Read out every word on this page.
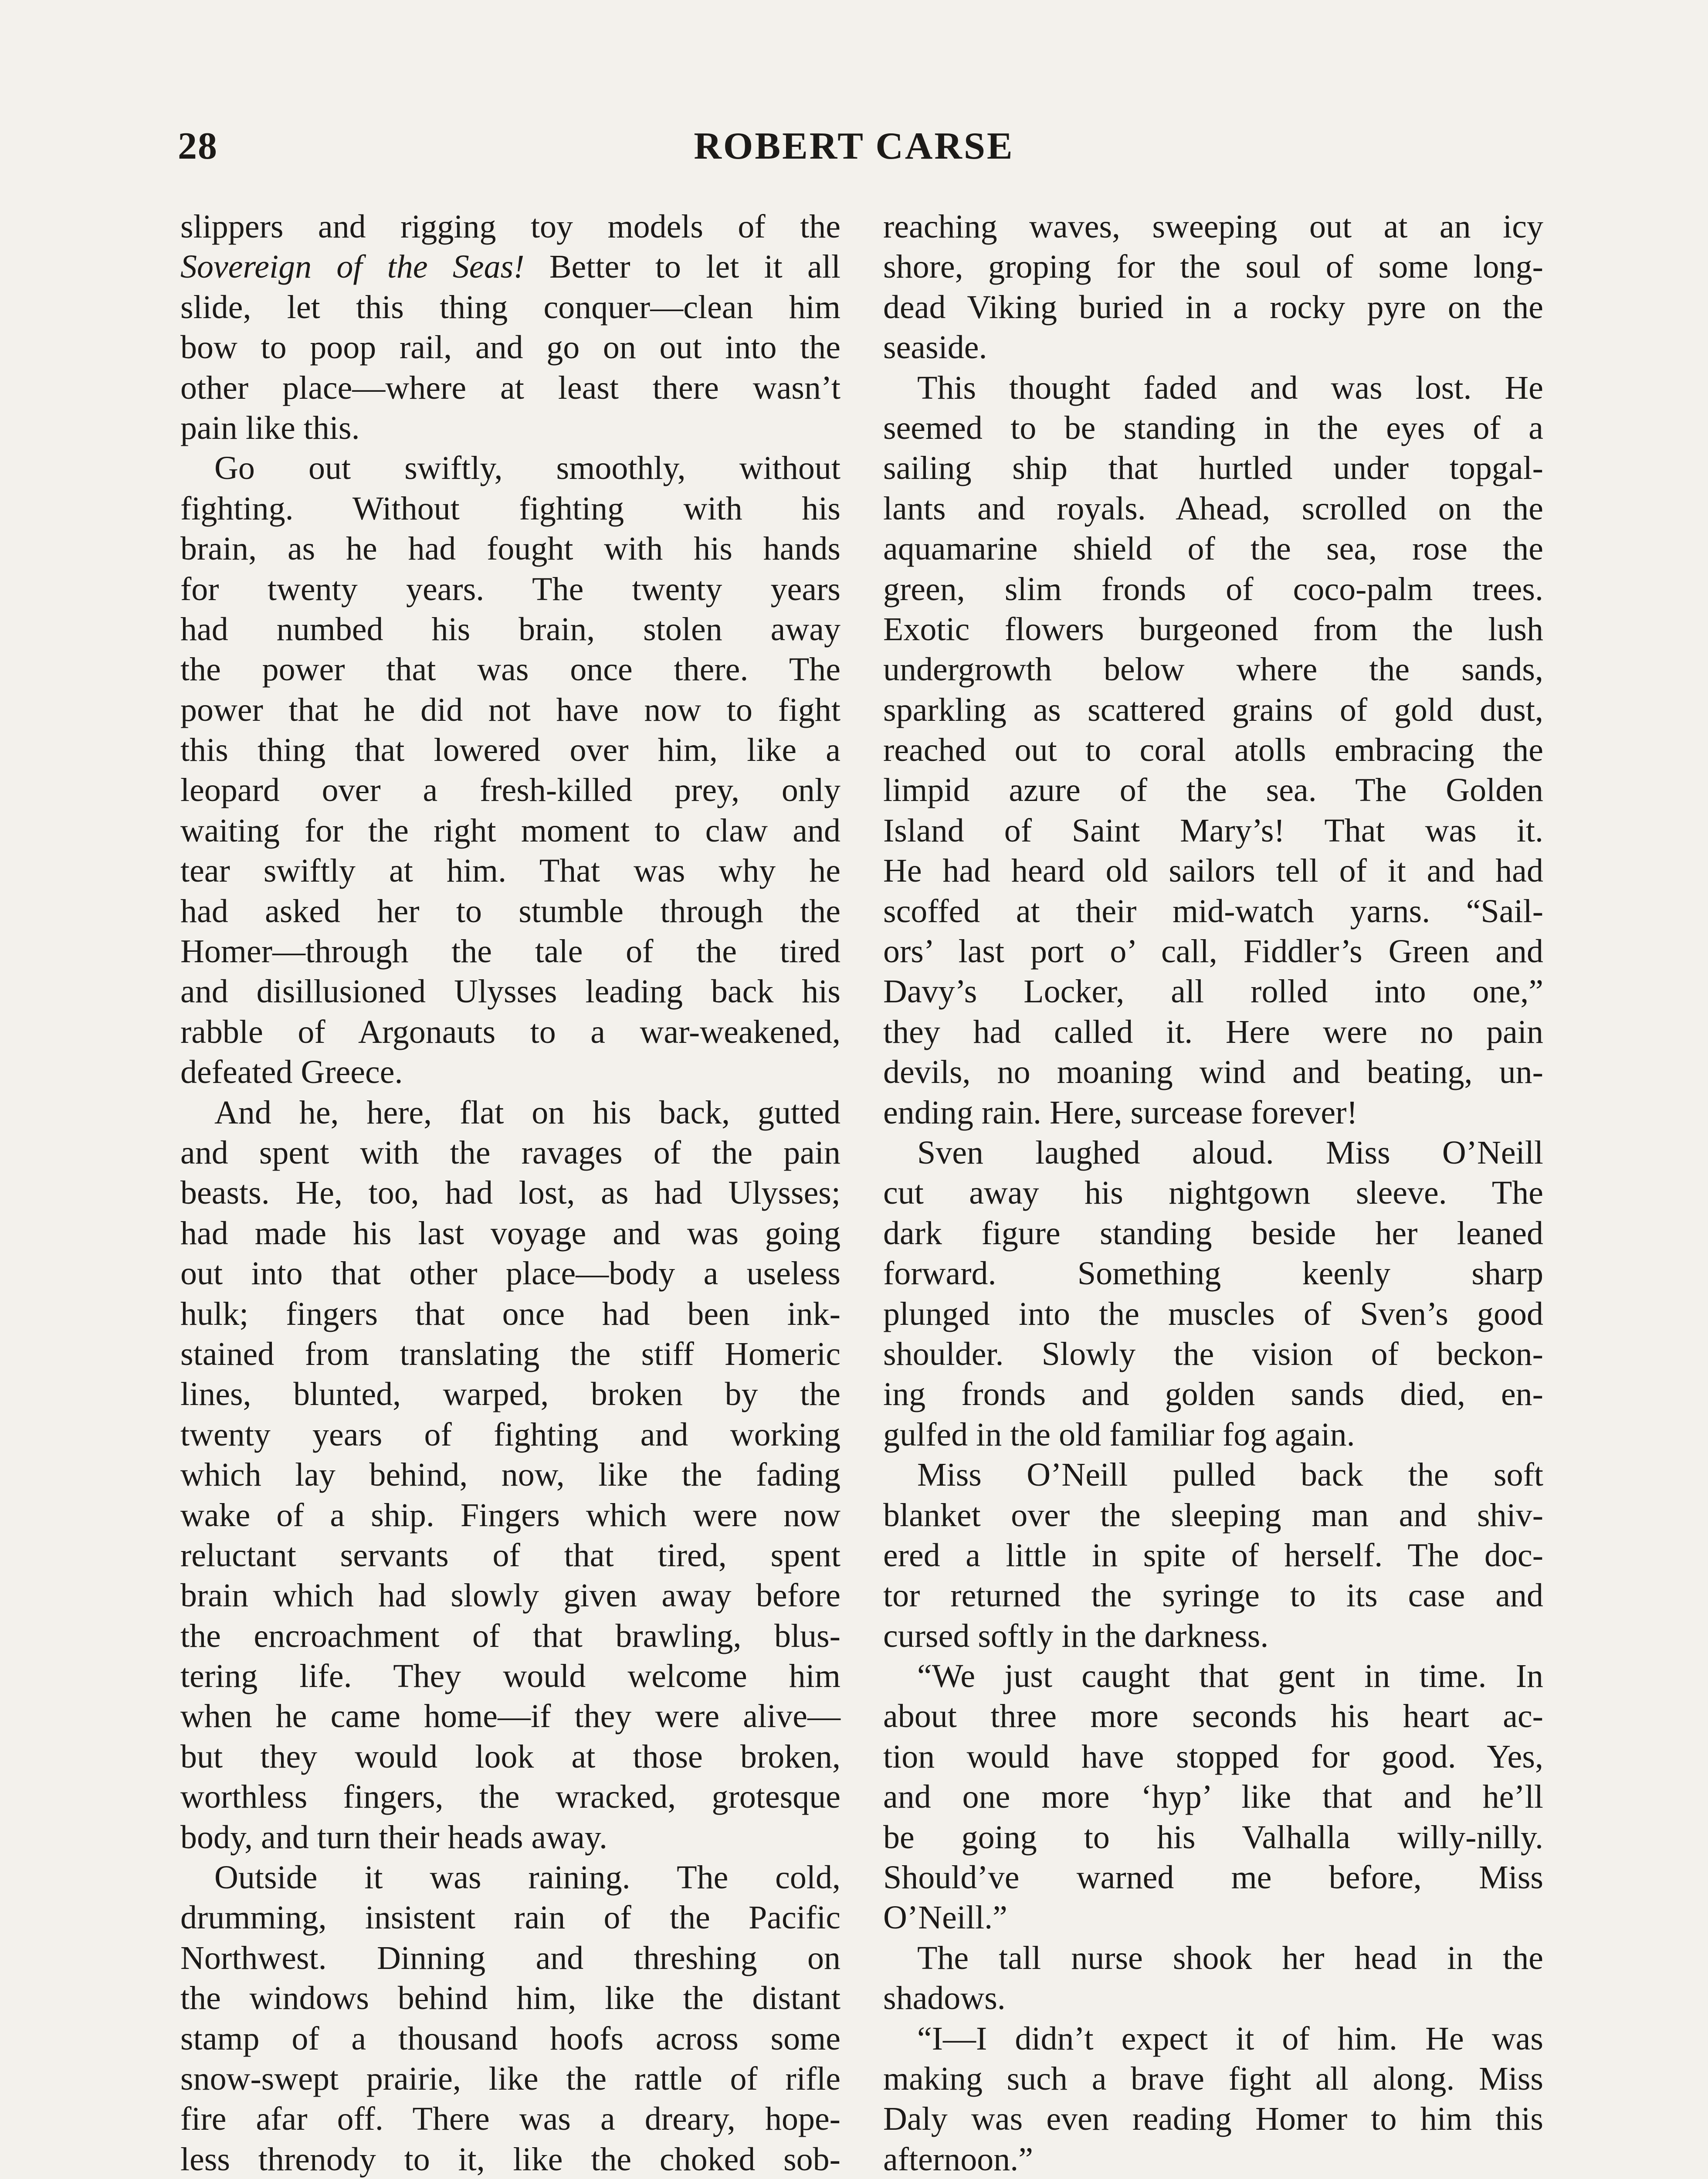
28	ROBERT CARSE
slippers and rigging toy models of the
Sovereign of the Seas! Better to let it all
slide, let this thing conquer—clean him
bow to poop rail, and go on out into the
other place—where at least there wasn’t
pain like this.
Go out swiftly, smoothly, without
fighting. Without fighting with his
brain, as he had fought with his hands
for twenty years. The twenty years
had numbed his brain, stolen away
the power that was once there. The
power that he did not have now to fight
this thing that lowered over him, like a
leopard over a fresh-killed prey, only
waiting for the right moment to claw and
tear swiftly at him. That was why he
had asked her to stumble through the
Homer—through the tale of the tired
and disillusioned Ulysses leading back his
rabble of Argonauts to a war-weakened,
defeated Greece.
And he, here, flat on his back, gutted
and spent with the ravages of the pain
beasts. He, too, had lost, as had Ulysses;
had made his last voyage and was going
out into that other place—body a useless
hulk; fingers that once had been ink-
stained from translating the stiff Homeric
lines, blunted, warped, broken by the
twenty years of fighting and working
which lay behind, now, like the fading
wake of a ship. Fingers which were now
reluctant servants of that tired, spent
brain which had slowly given away before
the encroachment of that brawling, blus-
tering life. They would welcome him
when he came home—if they were alive—
but they would look at those broken,
worthless fingers, the wracked, grotesque
body, and turn their heads away.
Outside it was raining. The cold,
drumming, insistent rain of the Pacific
Northwest. Dinning and threshing on
the windows behind him, like the distant
stamp of a thousand hoofs across some
snow-swept prairie, like the rattle of rifle
fire afar off. There was a dreary, hope-
less threnody to it, like the choked sob-
reaching waves, sweeping out at an icy
shore, groping for the soul of some long-
dead Viking buried in a rocky pyre on the
seaside.
This thought faded and was lost. He
seemed to be standing in the eyes of a
sailing ship that hurtled under topgal-
lants and royals. Ahead, scrolled on the
aquamarine shield of the sea, rose the
green, slim fronds of coco-palm trees.
Exotic flowers burgeoned from the lush
undergrowth below where the sands,
sparkling as scattered grains of gold dust,
reached out to coral atolls embracing the
limpid azure of the sea. The Golden
Island of Saint Mary’s! That was it.
He had heard old sailors tell of it and had
scoffed at their mid-watch yarns. “Sail-
ors’ last port o’ call, Fiddler’s Green and
Davy’s Locker, all rolled into one,”
they had called it. Here were no pain
devils, no moaning wind and beating, un-
ending rain. Here, surcease forever!
Sven laughed aloud. Miss O’Neill
cut away his nightgown sleeve. The
dark figure standing beside her leaned
forward. Something keenly sharp
plunged into the muscles of Sven’s good
shoulder. Slowly the vision of beckon-
ing fronds and golden sands died, en-
gulfed in the old familiar fog again.
Miss O’Neill pulled back the soft
blanket over the sleeping man and shiv-
ered a little in spite of herself. The doc-
tor returned the syringe to its case and
cursed softly in the darkness.
“We just caught that gent in time. In
about three more seconds his heart ac-
tion would have stopped for good. Yes,
and one more ‘hyp’ like that and he’ll
be going to his Valhalla willy-nilly.
Should’ve warned me before, Miss
O’Neill.”
The tall nurse shook her head in the
shadows.
“I—I didn’t expect it of him. He was
making such a brave fight all along. Miss
Daly was even reading Homer to him this
afternoon.”
